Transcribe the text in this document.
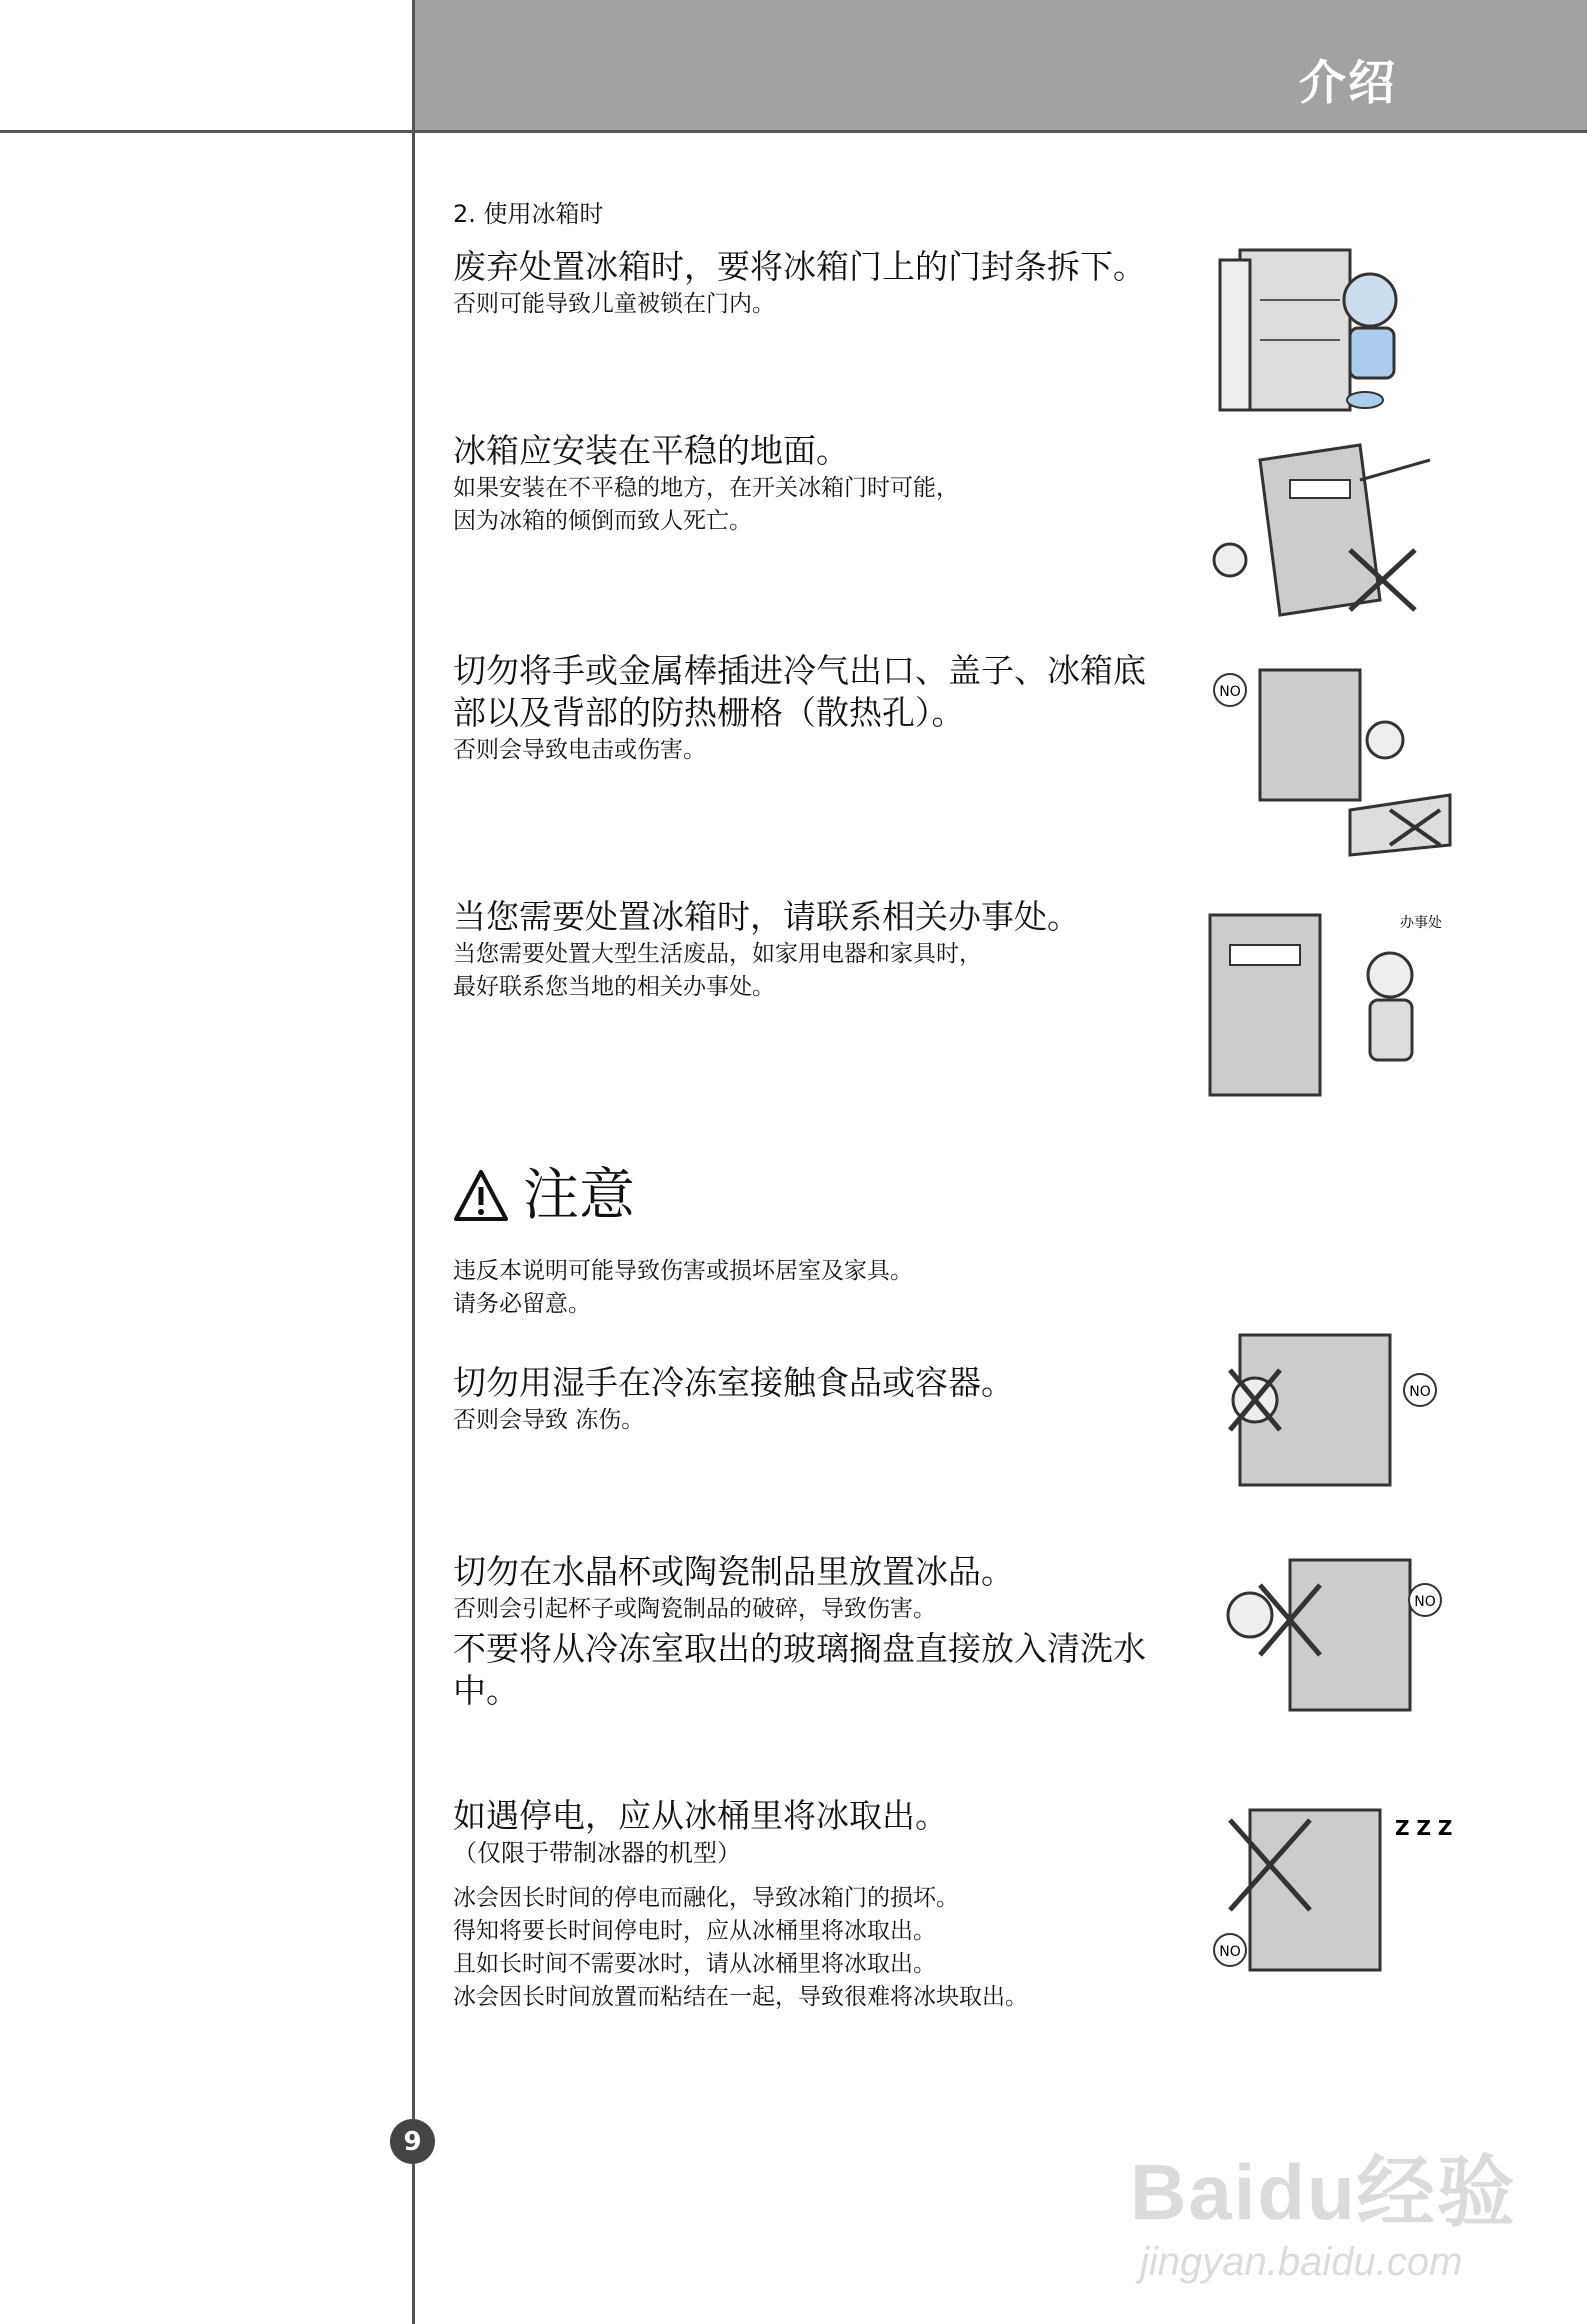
介绍
2. 使用冰箱时

废弃处置冰箱时，要将冰箱门上的门封条拆下。

否则可能导致儿童被锁在门内。

冰箱应安装在平稳的地面。

如果安装在不平稳的地方，在开关冰箱门时可能，

因为冰箱的倾倒而致人死亡。

切勿将手或金属棒插进冷气出口、盖子、冰箱底部以及背部的防热栅格（散热孔）。

否则会导致电击或伤害。

NO

当您需要处置冰箱时，请联系相关办事处。

当您需要处置大型生活废品，如家用电器和家具时，

最好联系您当地的相关办事处。

办事处
注意

违反本说明可能导致伤害或损坏居室及家具。

请务必留意。

切勿用湿手在冷冻室接触食品或容器。

否则会导致 冻伤。

NO

切勿在水晶杯或陶瓷制品里放置冰品。

否则会引起杯子或陶瓷制品的破碎，导致伤害。

不要将从冷冻室取出的玻璃搁盘直接放入清洗水中。

NO

如遇停电，应从冰桶里将冰取出。

（仅限于带制冰器的机型）

冰会因长时间的停电而融化，导致冰箱门的损坏。

得知将要长时间停电时，应从冰桶里将冰取出。

且如长时间不需要冰时，请从冰桶里将冰取出。

冰会因长时间放置而粘结在一起，导致很难将冰块取出。

NO
Z Z Z
9
Baidu经验
jingyan.baidu.com
